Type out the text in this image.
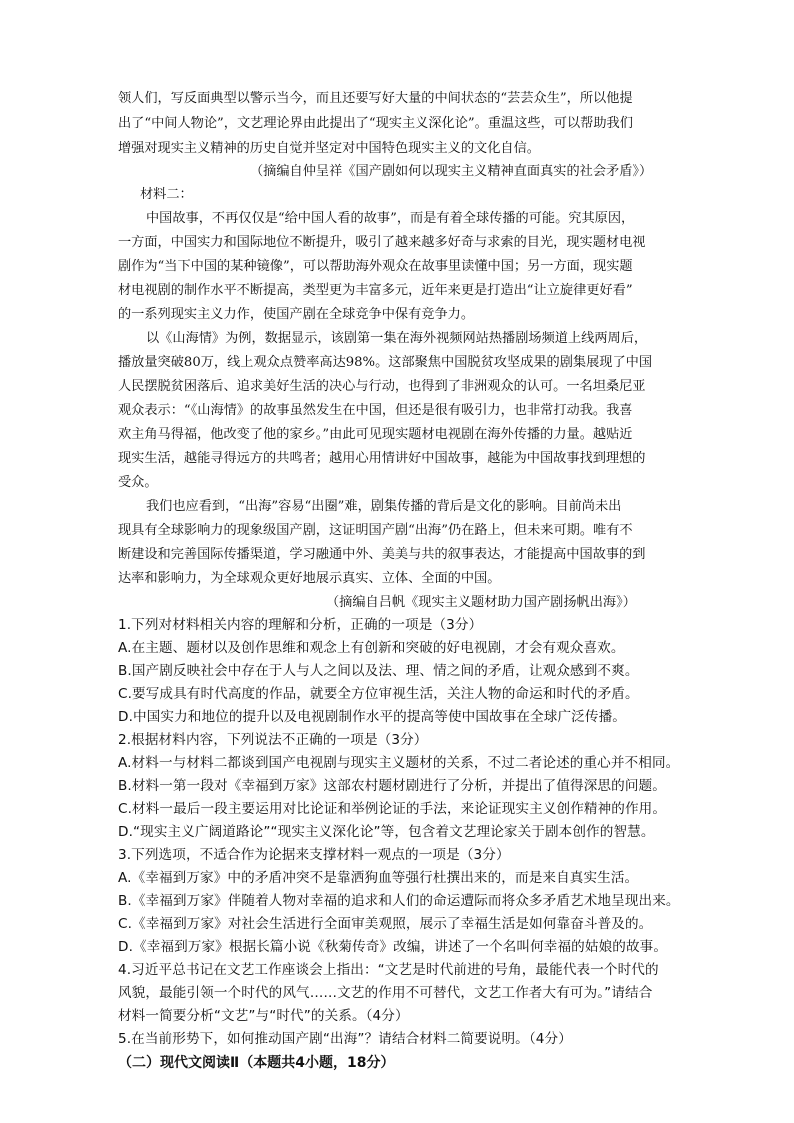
领人们，写反面典型以警示当今，而且还要写好大量的中间状态的“芸芸众生”，所以他提
出了“中间人物论”，文艺理论界由此提出了“现实主义深化论”。重温这些，可以帮助我们
增强对现实主义精神的历史自觉并坚定对中国特色现实主义的文化自信。
（摘编自仲呈祥《国产剧如何以现实主义精神直面真实的社会矛盾》）
材料二：
中国故事，不再仅仅是“给中国人看的故事”，而是有着全球传播的可能。究其原因，
一方面，中国实力和国际地位不断提升，吸引了越来越多好奇与求索的目光，现实题材电视
剧作为“当下中国的某种镜像”，可以帮助海外观众在故事里读懂中国；另一方面，现实题
材电视剧的制作水平不断提高，类型更为丰富多元，近年来更是打造出“让立旋律更好看”
的一系列现实主义力作，使国产剧在全球竞争中保有竞争力。
以《山海情》为例，数据显示，该剧第一集在海外视频网站热播剧场频道上线两周后，
播放量突破80万，线上观众点赞率高达98%。这部聚焦中国脱贫攻坚成果的剧集展现了中国
人民摆脱贫困落后、追求美好生活的决心与行动，也得到了非洲观众的认可。一名坦桑尼亚
观众表示：“《山海情》的故事虽然发生在中国，但还是很有吸引力，也非常打动我。我喜
欢主角马得福，他改变了他的家乡。”由此可见现实题材电视剧在海外传播的力量。越贴近
现实生活，越能寻得远方的共鸣者；越用心用情讲好中国故事，越能为中国故事找到理想的
受众。
我们也应看到，“出海”容易“出圈”难，剧集传播的背后是文化的影响。目前尚未出
现具有全球影响力的现象级国产剧，这证明国产剧“出海”仍在路上，但未来可期。唯有不
断建设和完善国际传播渠道，学习融通中外、美美与共的叙事表达，才能提高中国故事的到
达率和影响力，为全球观众更好地展示真实、立体、全面的中国。
（摘编自吕帆《现实主义题材助力国产剧扬帆出海》）
1.下列对材料相关内容的理解和分析，正确的一项是（3分）
A.在主题、题材以及创作思维和观念上有创新和突破的好电视剧，才会有观众喜欢。
B.国产剧反映社会中存在于人与人之间以及法、理、情之间的矛盾，让观众感到不爽。
C.要写成具有时代高度的作品，就要全方位审视生活，关注人物的命运和时代的矛盾。
D.中国实力和地位的提升以及电视剧制作水平的提高等使中国故事在全球广泛传播。
2.根据材料内容，下列说法不正确的一项是（3分）
A.材料一与材料二都谈到国产电视剧与现实主义题材的关系，不过二者论述的重心并不相同。
B.材料一第一段对《幸福到万家》这部农村题材剧进行了分析，并提出了值得深思的问题。
C.材料一最后一段主要运用对比论证和举例论证的手法，来论证现实主义创作精神的作用。
D.“现实主义广阔道路论”“现实主义深化论”等，包含着文艺理论家关于剧本创作的智慧。
3.下列选项，不适合作为论据来支撑材料一观点的一项是（3分）
A.《幸福到万家》中的矛盾冲突不是靠洒狗血等强行杜撰出来的，而是来自真实生活。
B.《幸福到万家》伴随着人物对幸福的追求和人们的命运遭际而将众多矛盾艺术地呈现出来。
C.《幸福到万家》对社会生活进行全面审美观照，展示了幸福生活是如何靠奋斗普及的。
D.《幸福到万家》根据长篇小说《秋菊传奇》改编，讲述了一个名叫何幸福的姑娘的故事。
4.习近平总书记在文艺工作座谈会上指出：“文艺是时代前进的号角，最能代表一个时代的
风貌，最能引领一个时代的风气……文艺的作用不可替代，文艺工作者大有可为。”请结合
材料一简要分析“文艺”与“时代”的关系。（4分）
5.在当前形势下，如何推动国产剧“出海”？请结合材料二简要说明。（4分）
（二）现代文阅读Ⅱ（本题共4小题，18分）
